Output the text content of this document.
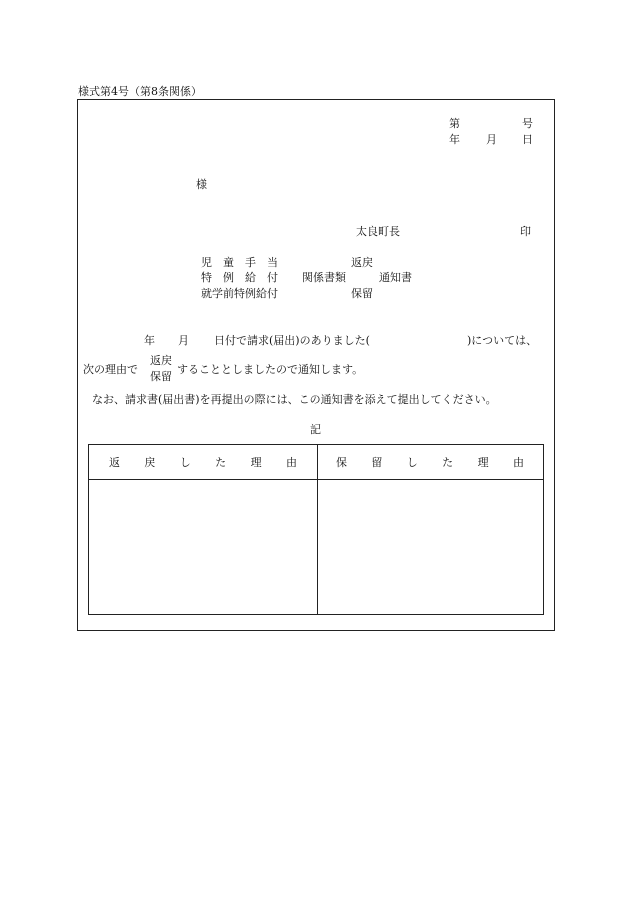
様式第4号（第8条関係）
第	号
年 月 日
様
太良町長	印
児　童　手　当	返戻
特　例　給　付 関係書類	通知書
就学前特例給付	保留
年 月 日付で請求(届出)のありました(	)については、
次の理由で
返戻
保留
することとしましたので通知します。
なお、請求書(届出書)を再提出の際には、この通知書を添えて提出してください。
記
返 戻 し た 理 由	保 留 し た 理 由
